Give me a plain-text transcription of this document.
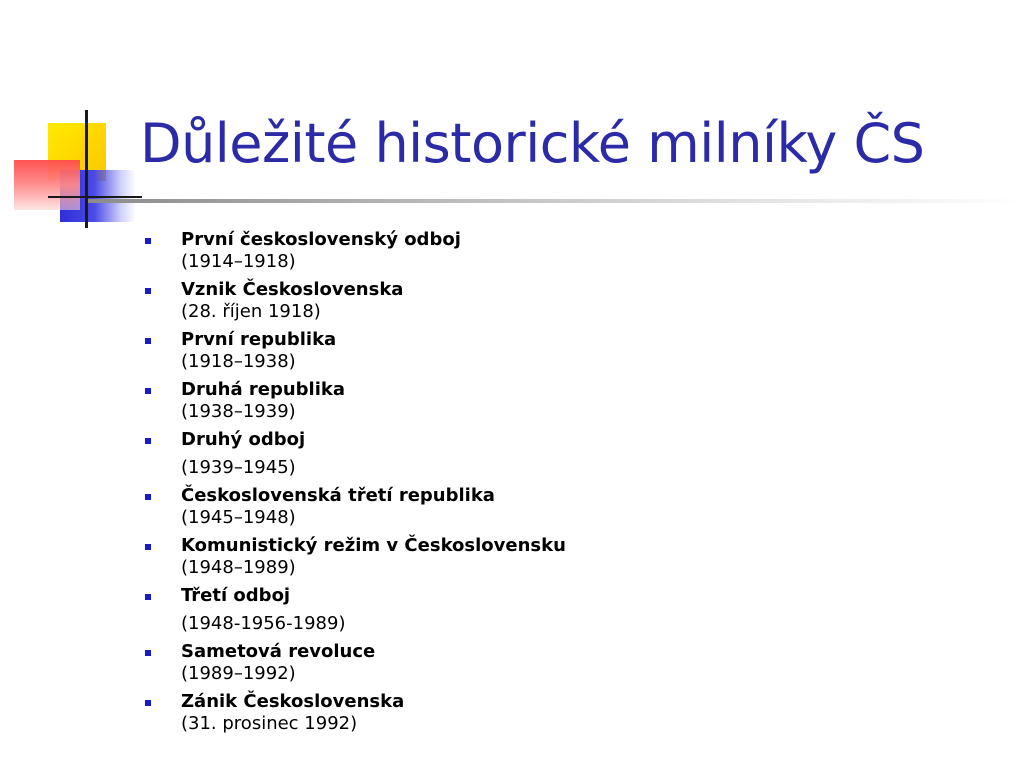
Důležité historické milníky ČS
První československý odboj
(1914–1918)
Vznik Československa
(28. říjen 1918)
První republika
(1918–1938)
Druhá republika
(1938–1939)
Druhý odboj
(1939–1945)
Československá třetí republika
(1945–1948)
Komunistický režim v Československu
(1948–1989)
Třetí odboj
(1948-1956-1989)
Sametová revoluce
(1989–1992)
Zánik Československa
(31. prosinec 1992)
